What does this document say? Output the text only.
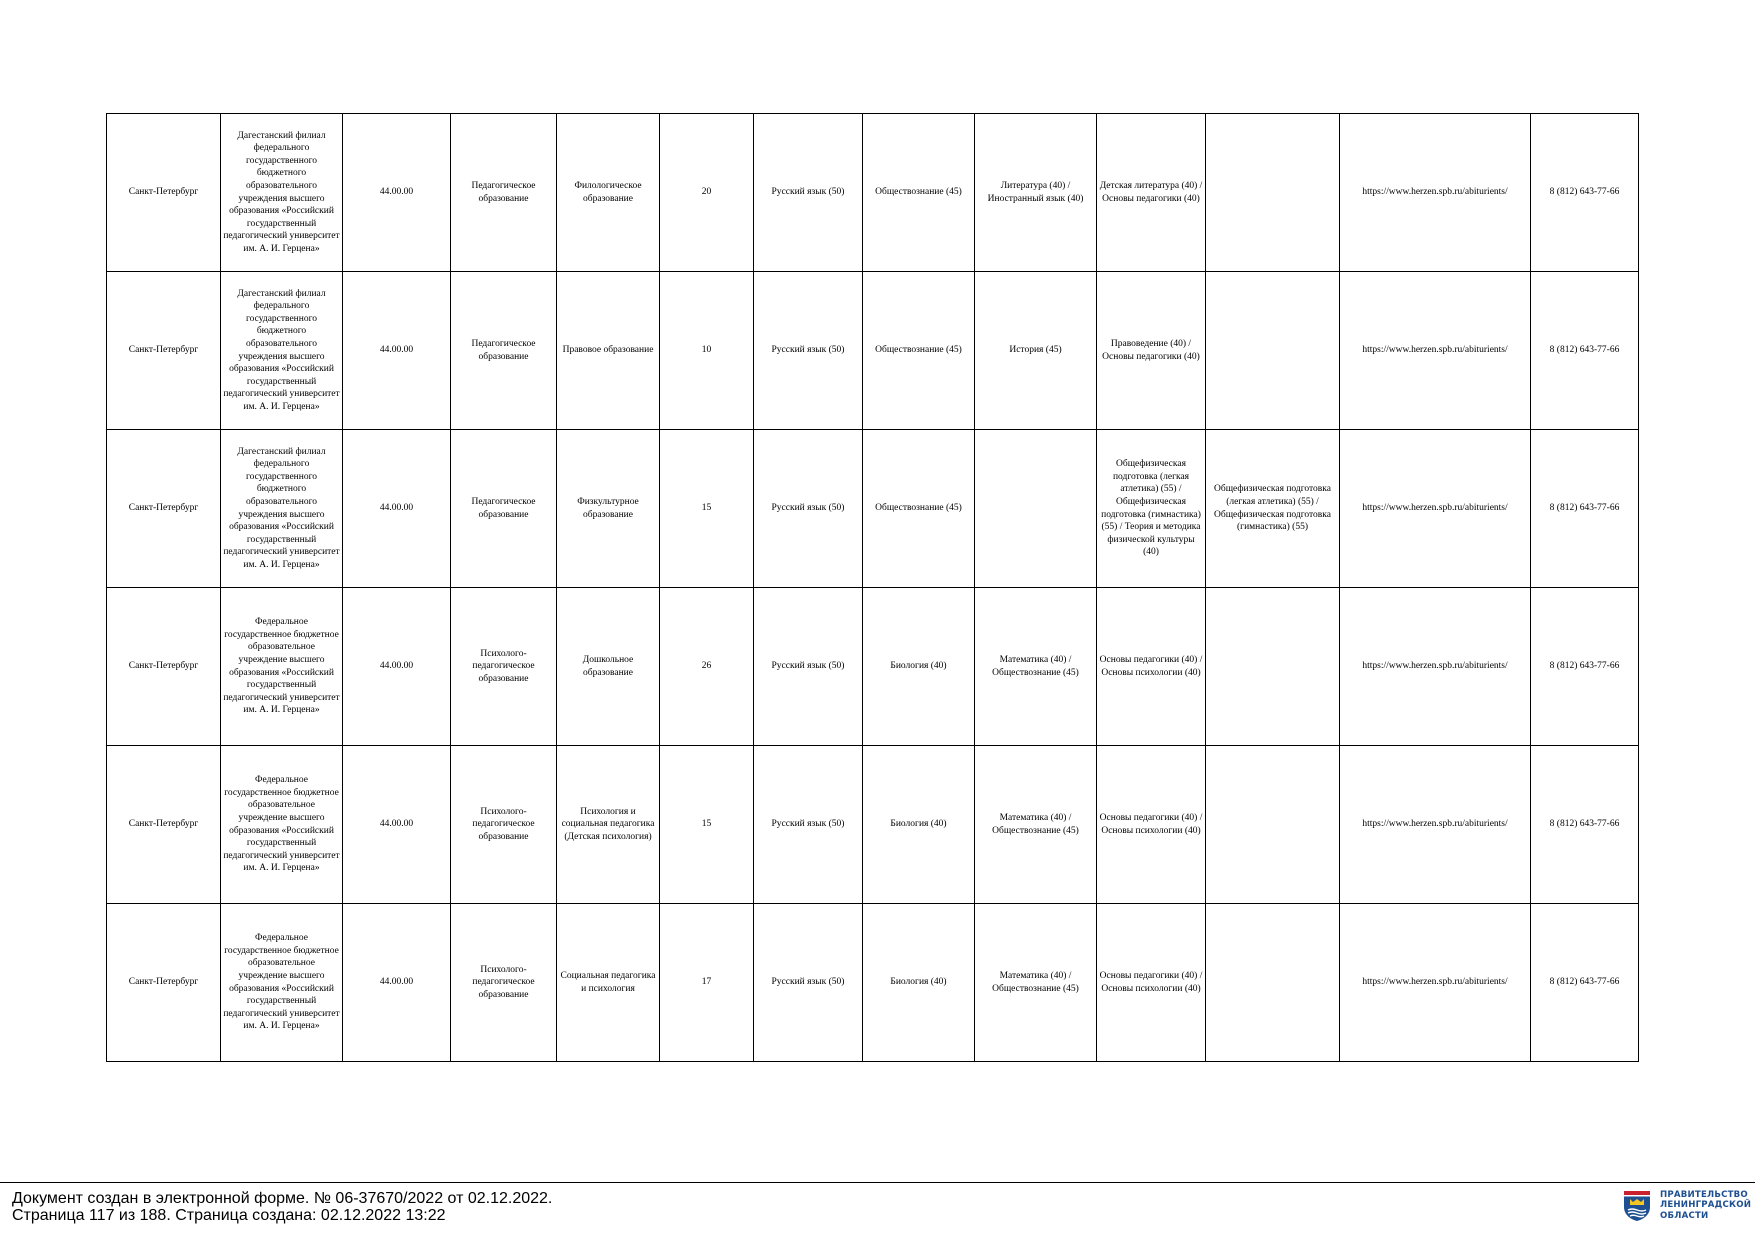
Санкт-Петербург	Дагестанский филиал федерального государственного бюджетного образовательного учреждения высшего образования «Российский государственный педагогический университет им. А. И. Герцена»	44.00.00	Педагогическое образование	Филологическое образование	20	Русский язык (50)	Обществознание (45)	Литература (40) / Иностранный язык (40)	Детская литература (40) / Основы педагогики (40)		https://www.herzen.spb.ru/abiturients/	8 (812) 643-77-66
Санкт-Петербург	Дагестанский филиал федерального государственного бюджетного образовательного учреждения высшего образования «Российский государственный педагогический университет им. А. И. Герцена»	44.00.00	Педагогическое образование	Правовое образование	10	Русский язык (50)	Обществознание (45)	История (45)	Правоведение (40) / Основы педагогики (40)		https://www.herzen.spb.ru/abiturients/	8 (812) 643-77-66
Санкт-Петербург	Дагестанский филиал федерального государственного бюджетного образовательного учреждения высшего образования «Российский государственный педагогический университет им. А. И. Герцена»	44.00.00	Педагогическое образование	Физкультурное образование	15	Русский язык (50)	Обществознание (45)		Общефизическая подготовка (легкая атлетика) (55) / Общефизическая подготовка (гимнастика) (55) / Теория и методика физической культуры (40)	Общефизическая подготовка (легкая атлетика) (55) / Общефизическая подготовка (гимнастика) (55)	https://www.herzen.spb.ru/abiturients/	8 (812) 643-77-66
Санкт-Петербург	Федеральное государственное бюджетное образовательное учреждение высшего образования «Российский государственный педагогический университет им. А. И. Герцена»	44.00.00	Психолого-педагогическое образование	Дошкольное образование	26	Русский язык (50)	Биология (40)	Математика (40) / Обществознание (45)	Основы педагогики (40) / Основы психологии (40)		https://www.herzen.spb.ru/abiturients/	8 (812) 643-77-66
Санкт-Петербург	Федеральное государственное бюджетное образовательное учреждение высшего образования «Российский государственный педагогический университет им. А. И. Герцена»	44.00.00	Психолого-педагогическое образование	Психология и социальная педагогика (Детская психология)	15	Русский язык (50)	Биология (40)	Математика (40) / Обществознание (45)	Основы педагогики (40) / Основы психологии (40)		https://www.herzen.spb.ru/abiturients/	8 (812) 643-77-66
Санкт-Петербург	Федеральное государственное бюджетное образовательное учреждение высшего образования «Российский государственный педагогический университет им. А. И. Герцена»	44.00.00	Психолого-педагогическое образование	Социальная педагогика и психология	17	Русский язык (50)	Биология (40)	Математика (40) / Обществознание (45)	Основы педагогики (40) / Основы психологии (40)		https://www.herzen.spb.ru/abiturients/	8 (812) 643-77-66
Документ создан в электронной форме. № 06-37670/2022 от 02.12.2022.
Страница 117 из 188. Страница создана: 02.12.2022 13:22
ПРАВИТЕЛЬСТВО
ЛЕНИНГРАДСКОЙ
ОБЛАСТИ
